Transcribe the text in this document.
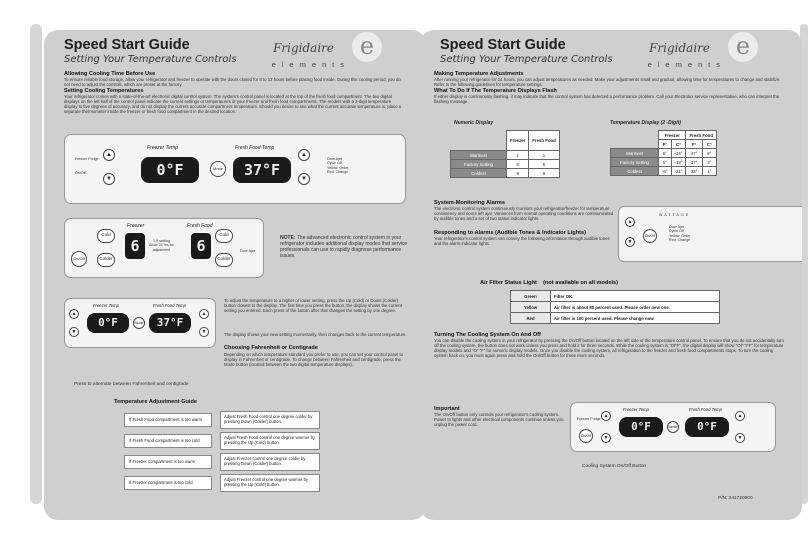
Speed Start Guide
Setting Your Temperature Controls
Frigidaire
elements
e
Allowing Cooling Time Before Use
To ensure reliable food storage, allow your refrigerator and freezer to operate with the doors closed for 8 to 12 hours before placing food inside. During this cooling period, you do not need to adjust the controls, which are preset at the factory.
Setting Cooling Temperatures
Your refrigerator comes with a state-of-the-art electronic digital control system. The system's control panel is located at the top of the fresh food compartment. The two digital displays on the left half of the control panel indicate the current settings or temperatures of your freezer and fresh food compartments. The models with a 2-digit temperature display to five degrees of accuracy, and do not display the current accurate compartment temperature. Should you desire to see what the current accurate temperature is, place a separate thermometer inside the freezer or fresh food compartment in the desired location.
Freezer Fridge
On/Off
▲
▼
Freezer Temp
0°F	Mode
Fresh Food Temp
37°F
▲
▼
Door Ajar
Cycle Off
Yellow: Order
Red: Change
On/Off
Cold
Colder
Freezer
6	1-9 setting
Allow 24 hrs for
adjustment
Fresh Food
6
Cold
Colder
Door Ajar
NOTE: The advanced electronic control system in your refrigerator includes additional display modes that service professionals can use to rapidly diagnose performance issues.
▲
▼
Freezer Temp
0°F	Mode
Fresh Food Temp
37°F
▲
▼
Press to alternate between Fahrenheit and centigrade
To adjust the temperature to a higher or lower setting, press the Up (Cold) or Down (Colder) button closest to the display. The first time you press the button, the display shows the current setting you entered. Each press of the button after that changes the setting by one degree.
The display shows your new setting momentarily, then changes back to the current temperature.
Choosing Fahrenheit or Centigrade
Depending on which temperature standard you prefer to use, you can set your control panel to display in Fahrenheit or centigrade. To change between Fahrenheit and centigrade, press the Mode button (located between the two digital temperature displays).
Temperature Adjustment Guide
If Fresh Food compartment is too warm
Adjust Fresh Food control one degree colder by pressing Down (Colder) button.
If Fresh Food compartment is too cold
Adjust Fresh Food control one degree warmer by pressing the Up (Cold) button.
If Freezer compartment is too warm
Adjust Freezer control one degree colder by pressing Down (Colder) button.
If Freezer compartment is too cold
Adjust Freezer control one degree warmer by pressing the Up (Cold) button.
Speed Start Guide
Setting Your Temperature Controls
Frigidaire
elements
e
Making Temperature Adjustments
After running your refrigerator for 24 hours, you can adjust temperatures as needed. Make your adjustments small and gradual, allowing time for temperatures to change and stabilize. Refer to the following guidelines for temperature settings.
What To Do If The Temperature Displays Flash
If either display is continuously flashing, it may indicate that the control system has detected a performance problem. Call your Electrolux service representative, who can interpret the flashing message.
Numeric Display
	Freezer	Fresh Food
Warmest	1	1
Factory Setting	6	6
Coldest	9	9
Temperature Display (2 -Digit)
	Freezer		Fresh Food	
	F°	C°	F°	C°
Warmest	6°	-14°	47°	8°
Factory Setting	0°	-18°	37°	3°
Coldest	-6°	-21°	33°	1°
System-Monitoring Alarms
The electronic control system continuously monitors your refrigerator/freezer for temperature consistency and doors left ajar. Variances from normal operating conditions are communicated by audible tones and a set of two status indicator lights.
Responding to Alarms (Audible Tones & Indicator Lights)
Your refrigerator's control system can convey the following information through audible tones and the alarm indicator lights.
WATTAGE
▲
▼
On/Off
Door Ajar
Cycle Off
Yellow: Order
Red: Change
Air Filter Status Light (not available on all models)
Green	Filter OK.
Yellow	Air filter is about 80 percent used. Please order new one.
Red	Air filter is 100 percent used. Please change now.
Turning The Cooling System On And Off
You can disable the cooling system in your refrigerator by pressing the On/Off button located on the left side of the temperature control panel. To ensure that you do not accidentally turn off the cooling system, the button does not work unless you press and hold it for three seconds. While the cooling system is "OFF", the digital display will show "Of" "FF" for temperature display models and "O" "F" for numeric display models. Once you disable the cooling system, all refrigeration to the freezer and fresh food compartments stops. To turn the cooling system back on, you must again press and hold the On/Off button for three more seconds.
Important
The On/Off button only controls your refrigerator's cooling system. Power to lights and other electrical components continue unless you unplug the power cord.
Freezer Fridge
On/Off
▲
▼
Freezer Temp
0°F	Mode
Fresh Food Temp
0°F
▲
▼
Cooling System On/Off Button
P/N: 241720900
